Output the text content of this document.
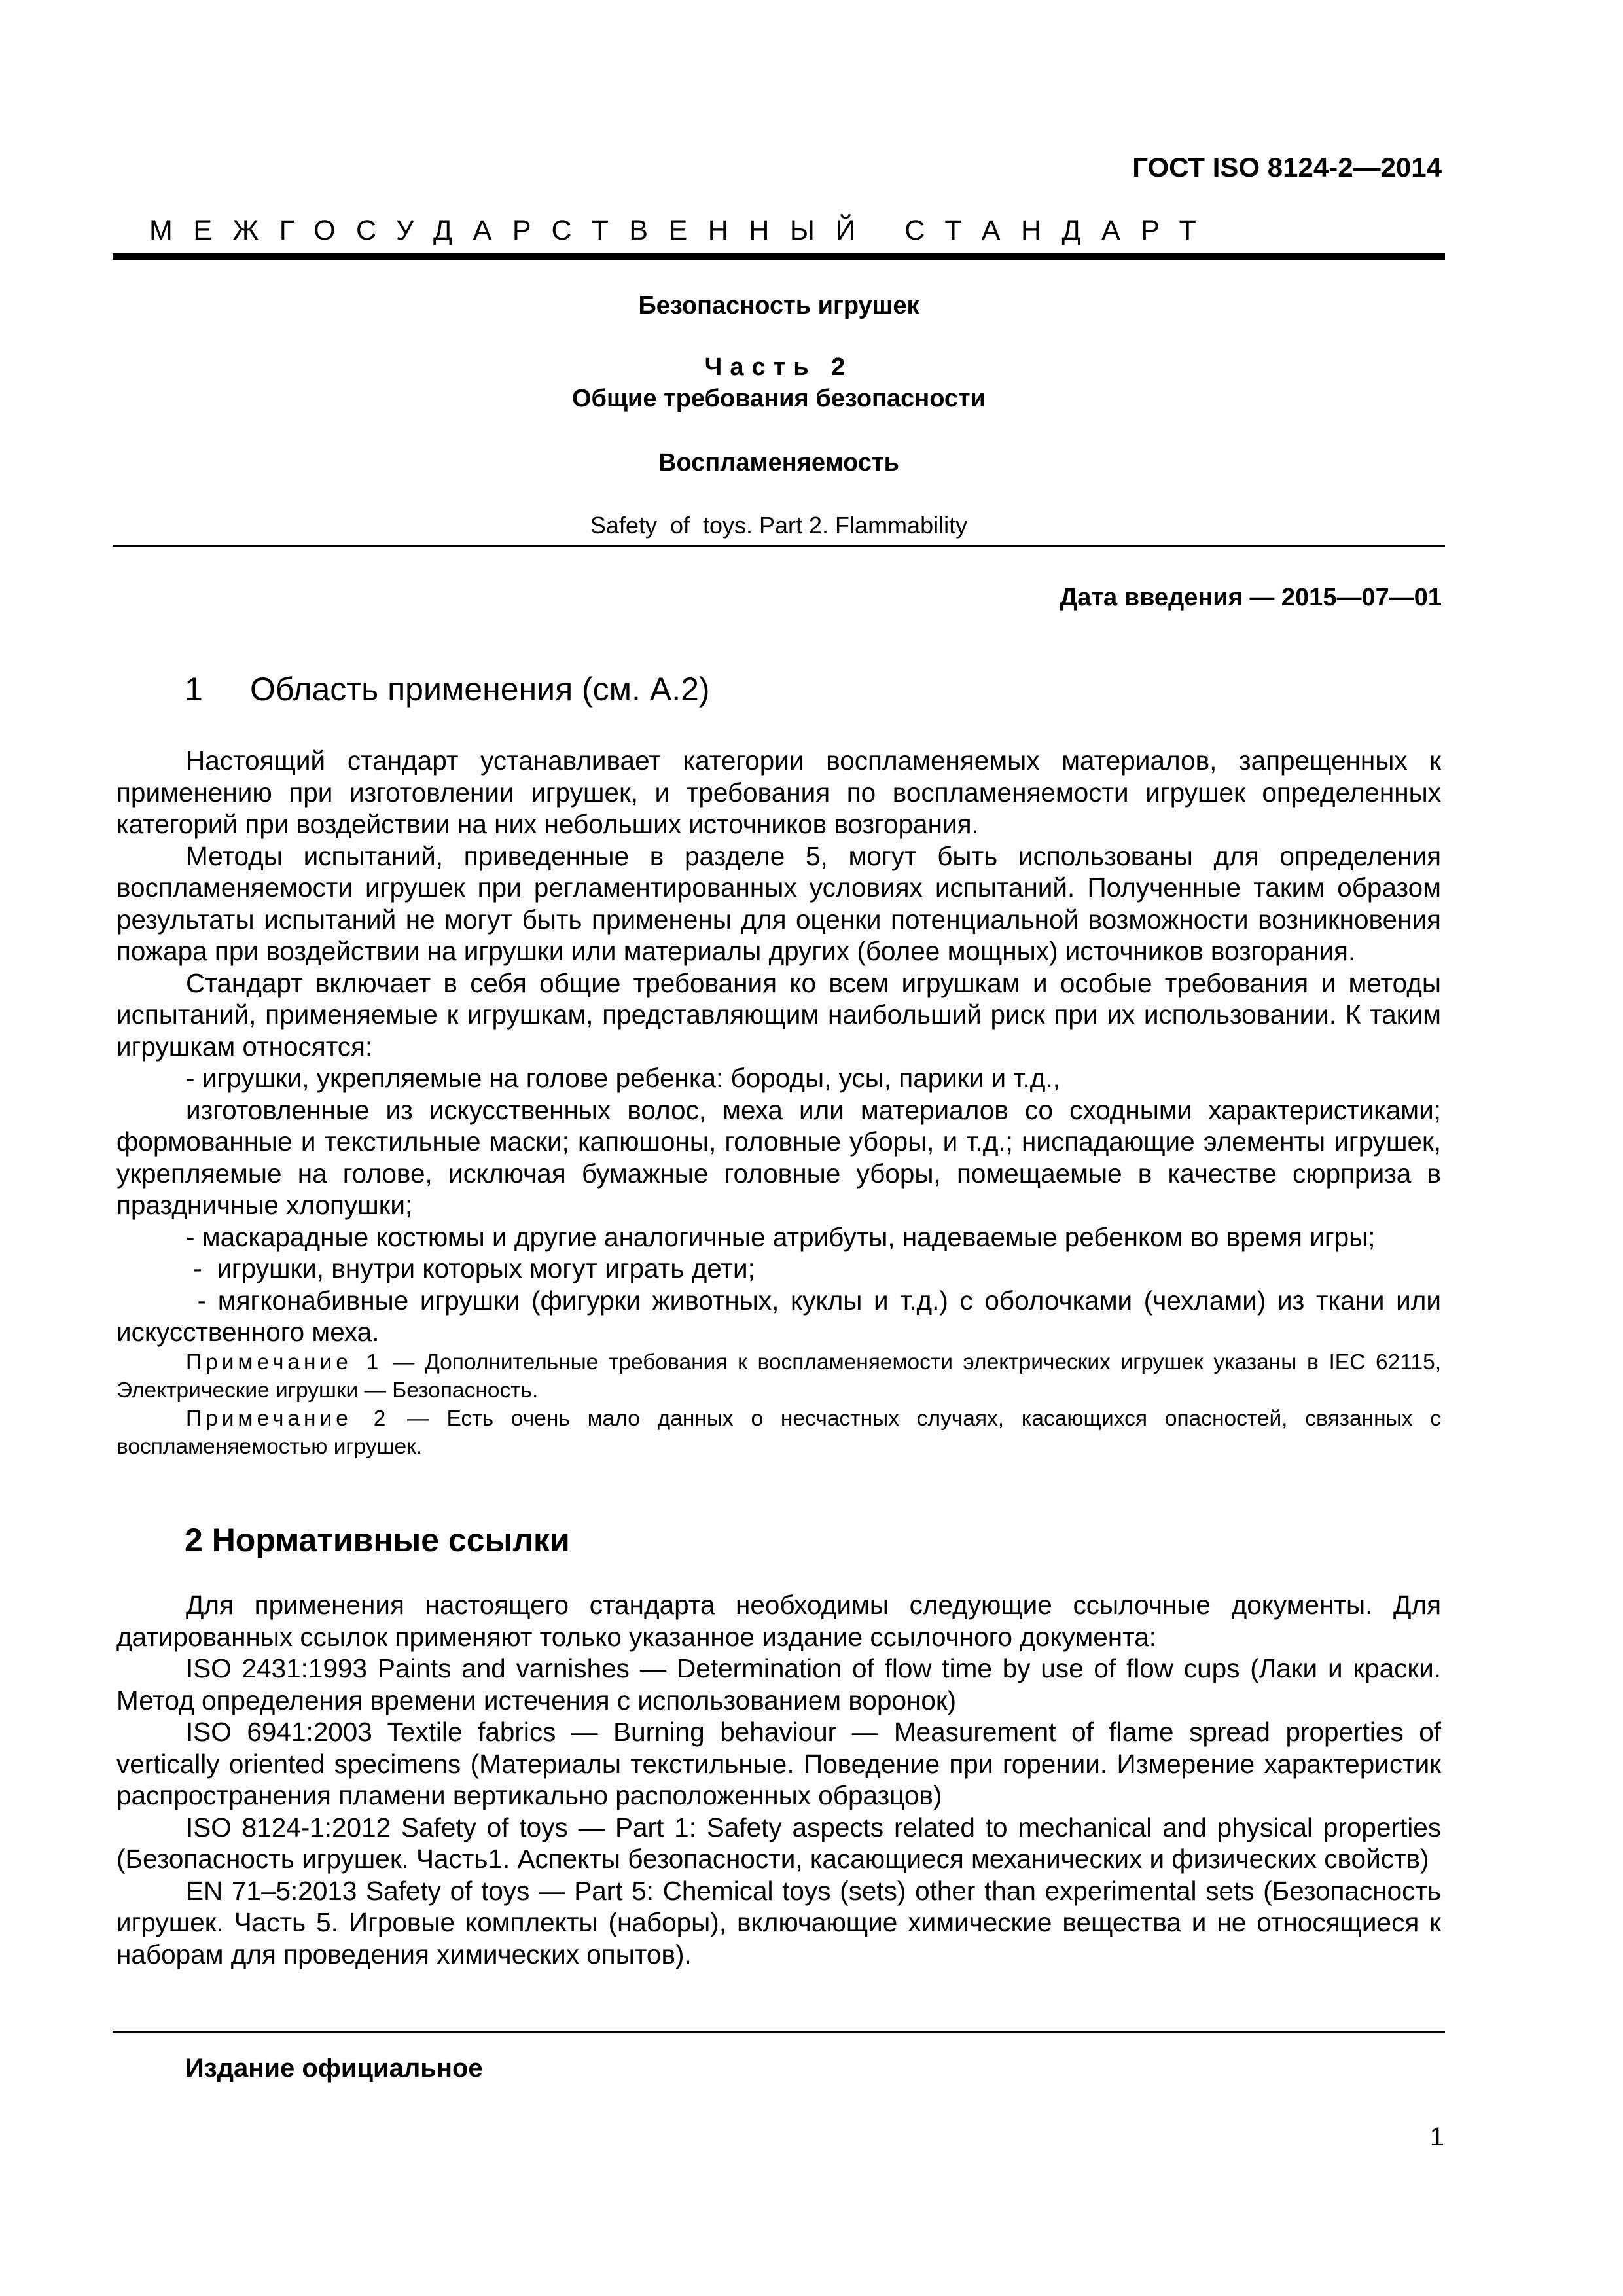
ГОСТ ISO 8124-2—2014
МЕЖГОСУДАРСТВЕННЫЙ СТАНДАРТ
Безопасность игрушек
Часть 2
Общие требования безопасности
Воспламеняемость
Safety  of  toys. Part 2. Flammability
Дата введения — 2015—07—01
1 Область применения (см. А.2)

Настоящий стандарт устанавливает категории воспламеняемых материалов, запрещенных к применению при изготовлении игрушек, и требования по воспламеняемости игрушек определенных категорий при воздействии на них небольших источников возгорания.

Методы испытаний, приведенные в разделе 5, могут быть использованы для определения воспламеняемости игрушек при регламентированных условиях испытаний. Полученные таким образом результаты испытаний не могут быть применены для оценки потенциальной возможности возникновения пожара при воздействии на игрушки или материалы других (более мощных) источников возгорания.

Стандарт включает в себя общие требования ко всем игрушкам и особые требования и методы испытаний, применяемые к игрушкам, представляющим наибольший риск при их использовании. К таким игрушкам относятся:

- игрушки, укрепляемые на голове ребенка: бороды, усы, парики и т.д.,

изготовленные из искусственных волос, меха или материалов со сходными характеристиками; формованные и текстильные маски; капюшоны, головные уборы, и т.д.; ниспадающие элементы игрушек, укрепляемые на голове, исключая бумажные головные уборы, помещаемые в качестве сюрприза в праздничные хлопушки;

- маскарадные костюмы и другие аналогичные атрибуты, надеваемые ребенком во время игры;

-  игрушки, внутри которых могут играть дети;

- мягконабивные игрушки (фигурки животных, куклы и т.д.) с оболочками (чехлами) из ткани или искусственного меха.

Примечание 1 — Дополнительные требования к воспламеняемости электрических игрушек указаны в IEC 62115, Электрические игрушки — Безопасность.

Примечание 2 — Есть очень мало данных о несчастных случаях, касающихся опасностей, связанных с воспламеняемостью игрушек.

2 Нормативные ссылки

Для применения настоящего стандарта необходимы следующие ссылочные документы. Для датированных ссылок применяют только указанное издание ссылочного документа:

ISO 2431:1993 Paints and varnishes — Determination of flow time by use of flow cups (Лаки и краски. Метод определения времени истечения с использованием воронок)

ISO 6941:2003 Textile fabrics — Burning behaviour — Measurement of flame spread properties of vertically oriented specimens (Материалы текстильные. Поведение при горении. Измерение характеристик распространения пламени вертикально расположенных образцов)

ISO 8124-1:2012 Safety of toys — Part 1: Safety aspects related to mechanical and physical properties (Безопасность игрушек. Часть1. Аспекты безопасности, касающиеся механических и физических свойств)

EN 71–5:2013 Safety of toys — Part 5: Chemical toys (sets) other than experimental sets (Безопасность игрушек. Часть 5. Игровые комплекты (наборы), включающие химические вещества и не относящиеся к наборам для проведения химических опытов).

Издание официальное
1
